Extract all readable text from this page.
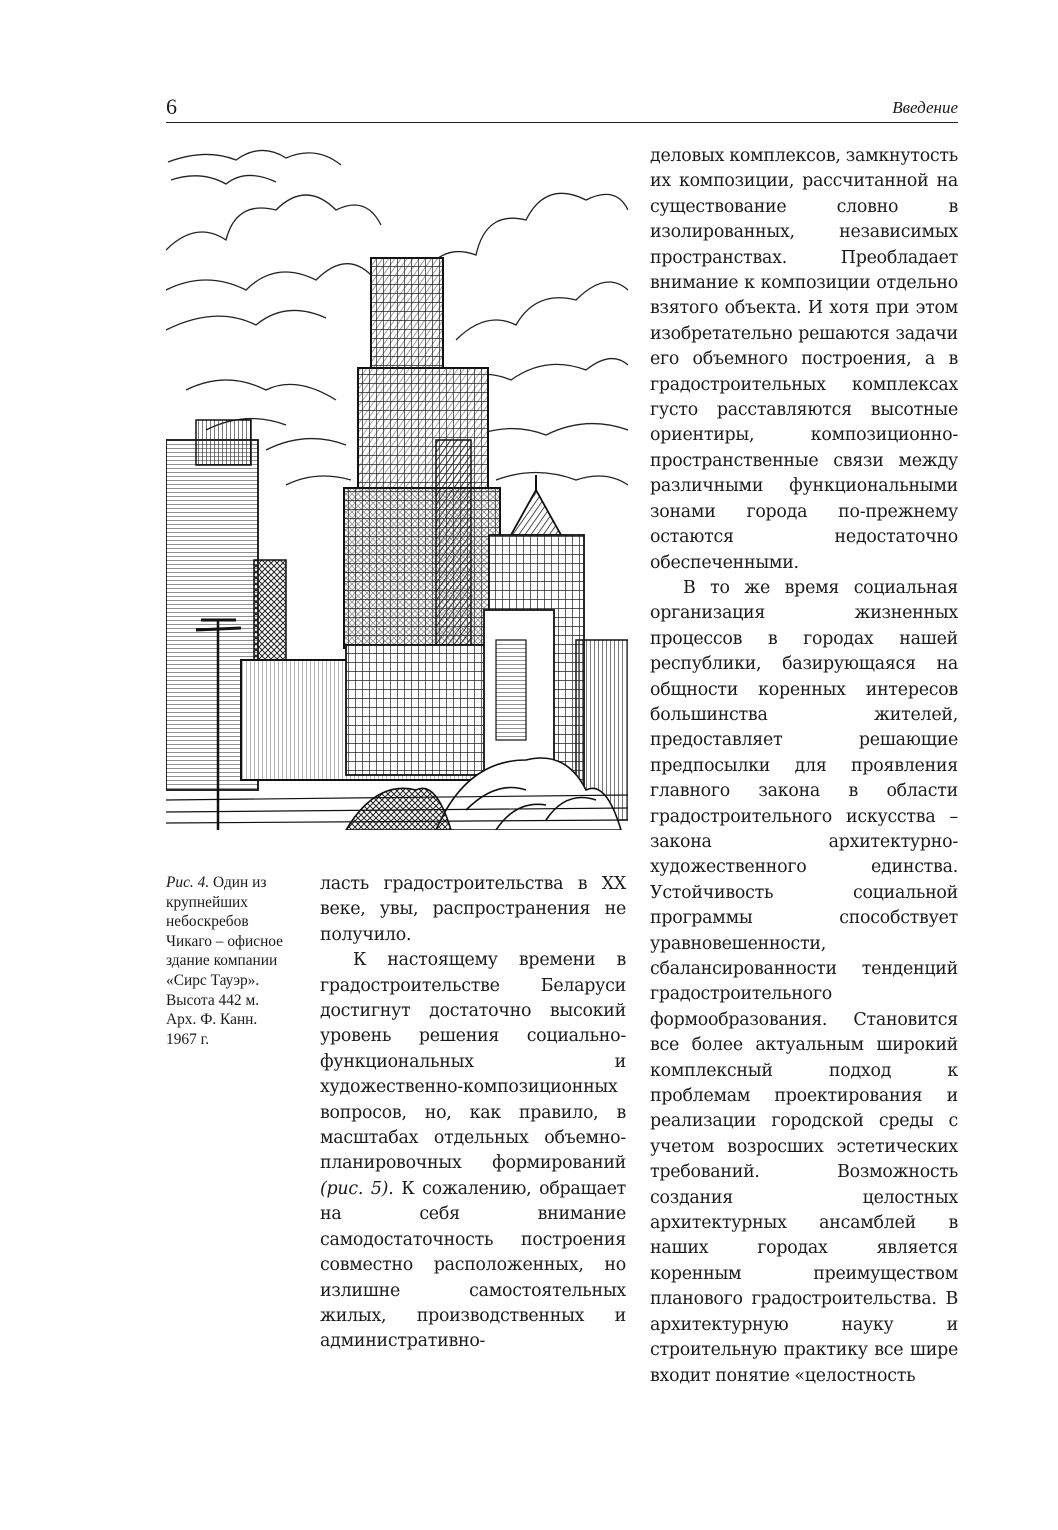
6	Введение
Рис. 4. Один из крупнейших небоскребов Чикаго – офисное здание компании «Сирс Тауэр». Высота 442 м. Арх. Ф. Канн. 1967 г.

деловых комплексов, замкнутость их композиции, рассчитанной на существование словно в изолированных, независимых пространствах. Преобладает внимание к композиции отдельно взятого объекта. И хотя при этом изобретательно решаются задачи его объемного построения, а в градостроительных комплексах густо расставляются высотные ориентиры, композиционно-пространственные связи между различными функциональными зонами города по-прежнему остаются недостаточно обеспеченными.

В то же время социальная организация жизненных процессов в городах нашей республики, базирующаяся на общности коренных интересов большинства жителей, предоставляет решающие предпосылки для проявления главного закона в области градостроительного искусства – закона архитектурно-художественного единства. Устойчивость социальной программы способствует уравновешенности, сбалансированности тенденций градостроительного формообразования. Становится все более актуальным широкий комплексный подход к проблемам проектирования и реализации городской среды с учетом возросших эстетических требований. Возможность создания целостных архитектурных ансамблей в наших городах является коренным преимуществом планового градостроительства. В архитектурную науку и строительную практику все шире входит понятие «целостность

ласть градостроительства в XX веке, увы, распространения не получило.

К настоящему времени в градостроительстве Беларуси достигнут достаточно высокий уровень решения социально-функциональных и художественно-композиционных вопросов, но, как правило, в масштабах отдельных объемно-планировочных формирований (рис. 5). К сожалению, обращает на себя внимание самодостаточность построения совместно расположенных, но излишне самостоятельных жилых, производственных и административно-
